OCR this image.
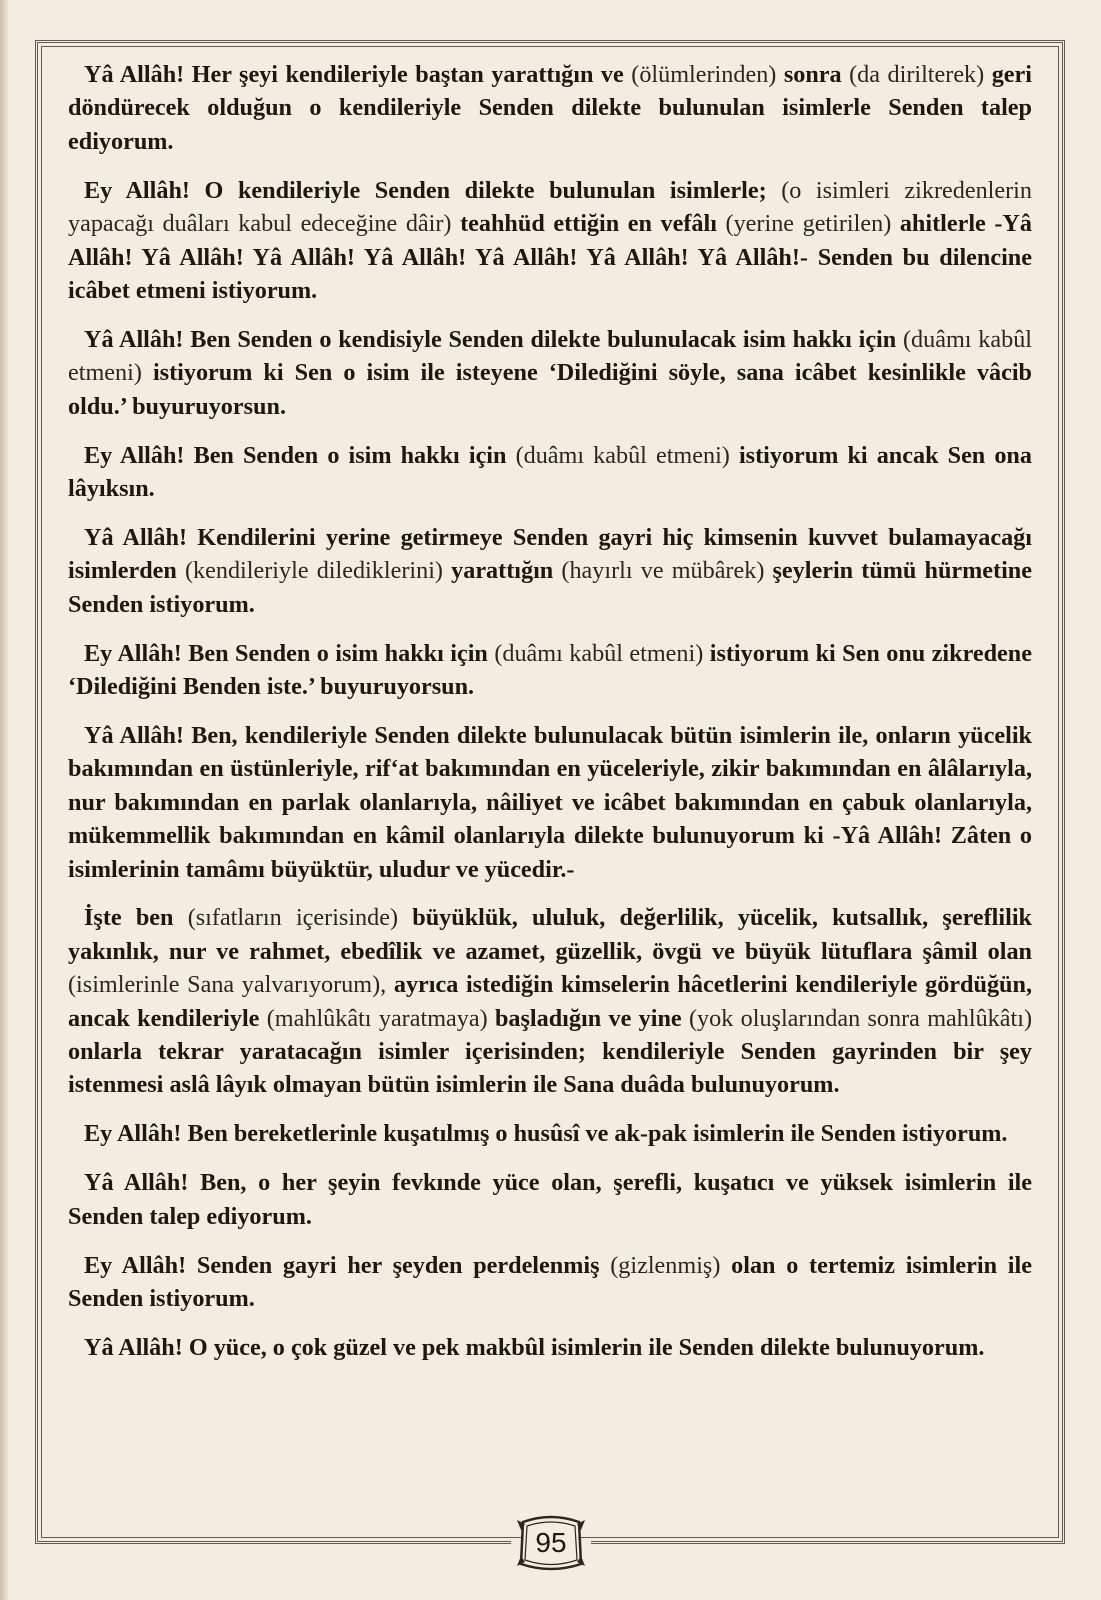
Yâ Allâh! Her şeyi kendileriyle baştan yarattığın ve (ölümlerinden) sonra (da dirilterek) geri döndürecek olduğun o kendileriyle Senden dilekte bulunulan isimlerle Senden talep ediyorum.

Ey Allâh! O kendileriyle Senden dilekte bulunulan isimlerle; (o isimleri zikredenlerin yapacağı duâları kabul edeceğine dâir) teahhüd ettiğin en vefâlı (yerine getirilen) ahitlerle -Yâ Allâh! Yâ Allâh! Yâ Allâh! Yâ Allâh! Yâ Allâh! Yâ Allâh! Yâ Allâh!- Senden bu dilencine icâbet etmeni istiyorum.

Yâ Allâh! Ben Senden o kendisiyle Senden dilekte bulunulacak isim hakkı için (duâmı kabûl etmeni) istiyorum ki Sen o isim ile isteyene ‘Dilediğini söyle, sana icâbet kesinlikle vâcib oldu.’ buyuruyorsun.

Ey Allâh! Ben Senden o isim hakkı için (duâmı kabûl etmeni) istiyorum ki ancak Sen ona lâyıksın.

Yâ Allâh! Kendilerini yerine getirmeye Senden gayri hiç kimsenin kuvvet bulamayacağı isimlerden (kendileriyle dilediklerini) yarattığın (hayırlı ve mübârek) şeylerin tümü hürmetine Senden istiyorum.

Ey Allâh! Ben Senden o isim hakkı için (duâmı kabûl etmeni) istiyorum ki Sen onu zikredene ‘Dilediğini Benden iste.’ buyuruyorsun.

Yâ Allâh! Ben, kendileriyle Senden dilekte bulunulacak bütün isimlerin ile, onların yücelik bakımından en üstünleriyle, rif‘at bakımından en yüceleriyle, zikir bakımından en âlâlarıyla, nur bakımından en parlak olanlarıyla, nâiliyet ve icâbet bakımından en çabuk olanlarıyla, mükemmellik bakımından en kâmil olanlarıyla dilekte bulunuyorum ki -Yâ Allâh! Zâten o isimlerinin tamâmı büyüktür, uludur ve yücedir.-

İşte ben (sıfatların içerisinde) büyüklük, ululuk, değerlilik, yücelik, kutsallık, şereflilik yakınlık, nur ve rahmet, ebedîlik ve azamet, güzellik, övgü ve büyük lütuflara şâmil olan (isimlerinle Sana yalvarıyorum), ayrıca istediğin kimselerin hâcetlerini kendileriyle gördüğün, ancak kendileriyle (mahlûkâtı yaratmaya) başladığın ve yine (yok oluşlarından sonra mahlûkâtı) onlarla tekrar yaratacağın isimler içerisinden; kendileriyle Senden gayrinden bir şey istenmesi aslâ lâyık olmayan bütün isimlerin ile Sana duâda bulunuyorum.

Ey Allâh! Ben bereketlerinle kuşatılmış o husûsî ve ak-pak isimlerin ile Senden istiyorum.

Yâ Allâh! Ben, o her şeyin fevkınde yüce olan, şerefli, kuşatıcı ve yüksek isimlerin ile Senden talep ediyorum.

Ey Allâh! Senden gayri her şeyden perdelenmiş (gizlenmiş) olan o tertemiz isimlerin ile Senden istiyorum.

Yâ Allâh! O yüce, o çok güzel ve pek makbûl isimlerin ile Senden dilekte bulunuyorum.

95
